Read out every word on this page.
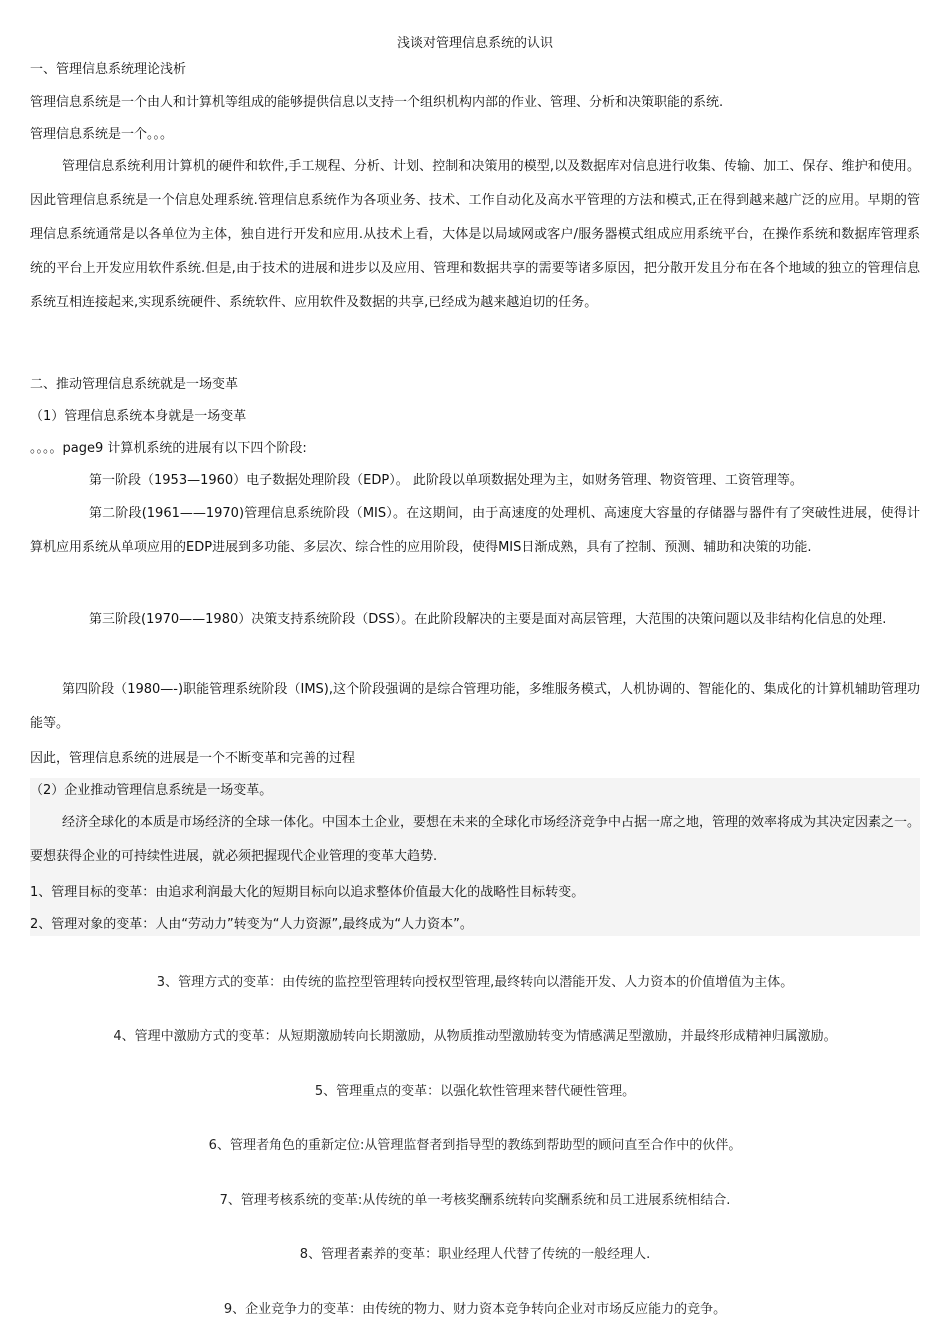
浅谈对管理信息系统的认识
一、管理信息系统理论浅析
管理信息系统是一个由人和计算机等组成的能够提供信息以支持一个组织机构内部的作业、管理、分析和决策职能的系统.
管理信息系统是一个。。。
管理信息系统利用计算机的硬件和软件,手工规程、分析、计划、控制和决策用的模型,以及数据库对信息进行收集、传输、加工、保存、维护和使用。因此管理信息系统是一个信息处理系统.管理信息系统作为各项业务、技术、工作自动化及高水平管理的方法和模式,正在得到越来越广泛的应用。早期的管理信息系统通常是以各单位为主体，独自进行开发和应用.从技术上看，大体是以局域网或客户/服务器模式组成应用系统平台，在操作系统和数据库管理系统的平台上开发应用软件系统.但是,由于技术的进展和进步以及应用、管理和数据共享的需要等诸多原因，把分散开发且分布在各个地域的独立的管理信息系统互相连接起来,实现系统硬件、系统软件、应用软件及数据的共享,已经成为越来越迫切的任务。
二、推动管理信息系统就是一场变革
（1）管理信息系统本身就是一场变革
。。。。page9 计算机系统的进展有以下四个阶段:
第一阶段（1953—1960）电子数据处理阶段（EDP）。 此阶段以单项数据处理为主，如财务管理、物资管理、工资管理等。
第二阶段(1961——1970)管理信息系统阶段（MIS）。在这期间，由于高速度的处理机、高速度大容量的存储器与器件有了突破性进展，使得计算机应用系统从单项应用的EDP进展到多功能、多层次、综合性的应用阶段，使得MIS日渐成熟，具有了控制、预测、辅助和决策的功能.
第三阶段(1970——1980）决策支持系统阶段（DSS）。在此阶段解决的主要是面对高层管理，大范围的决策问题以及非结构化信息的处理.
第四阶段（1980—-)职能管理系统阶段（IMS),这个阶段强调的是综合管理功能，多维服务模式，人机协调的、智能化的、集成化的计算机辅助管理功能等。
因此，管理信息系统的进展是一个不断变革和完善的过程
（2）企业推动管理信息系统是一场变革。
经济全球化的本质是市场经济的全球一体化。中国本土企业，要想在未来的全球化市场经济竞争中占据一席之地，管理的效率将成为其决定因素之一。要想获得企业的可持续性进展，就必须把握现代企业管理的变革大趋势.
1、管理目标的变革：由追求利润最大化的短期目标向以追求整体价值最大化的战略性目标转变。
2、管理对象的变革：人由“劳动力”转变为“人力资源”,最终成为“人力资本”。
3、管理方式的变革：由传统的监控型管理转向授权型管理,最终转向以潜能开发、人力资本的价值增值为主体。
4、管理中激励方式的变革：从短期激励转向长期激励，从物质推动型激励转变为情感满足型激励，并最终形成精神归属激励。
5、管理重点的变革：以强化软性管理来替代硬性管理。
6、管理者角色的重新定位:从管理监督者到指导型的教练到帮助型的顾问直至合作中的伙伴。
7、管理考核系统的变革:从传统的单一考核奖酬系统转向奖酬系统和员工进展系统相结合.
8、管理者素养的变革：职业经理人代替了传统的一般经理人.
9、企业竞争力的变革：由传统的物力、财力资本竞争转向企业对市场反应能力的竞争。
